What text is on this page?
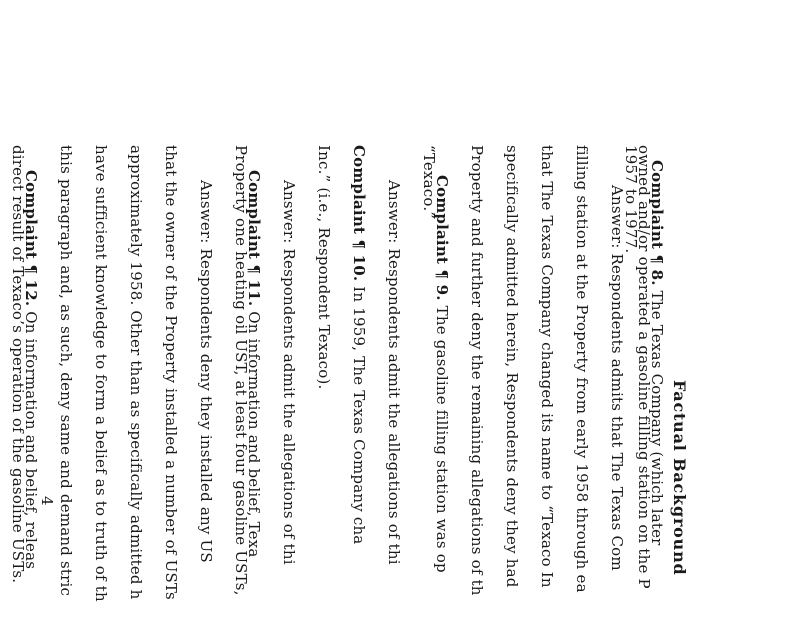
Factual Background
Complaint ¶ 8. The Texas Company (which later
owned and/or operated a gasoline filling station on the P
1957 to 1977.
Answer: Respondents admits that The Texas Com
filling station at the Property from early 1958 through ea
that The Texas Company changed its name to “Texaco In
specifically admitted herein, Respondents deny they had
Property and further deny the remaining allegations of th
Complaint ¶ 9. The gasoline filling station was op
“Texaco.”
Answer: Respondents admit the allegations of thi
Complaint ¶ 10. In 1959, The Texas Company cha
Inc.” (i.e., Respondent Texaco).
Answer: Respondents admit the allegations of thi
Complaint ¶ 11. On information and belief, Texa
Property one heating oil UST, at least four gasoline USTs,
Answer: Respondents deny they installed any US
that the owner of the Property installed a number of USTs
approximately 1958. Other than as specifically admitted h
have sufficient knowledge to form a belief as to truth of th
this paragraph and, as such, deny same and demand stric
Complaint ¶ 12. On information and belief, releas
direct result of Texaco’s operation of the gasoline USTs. 4
